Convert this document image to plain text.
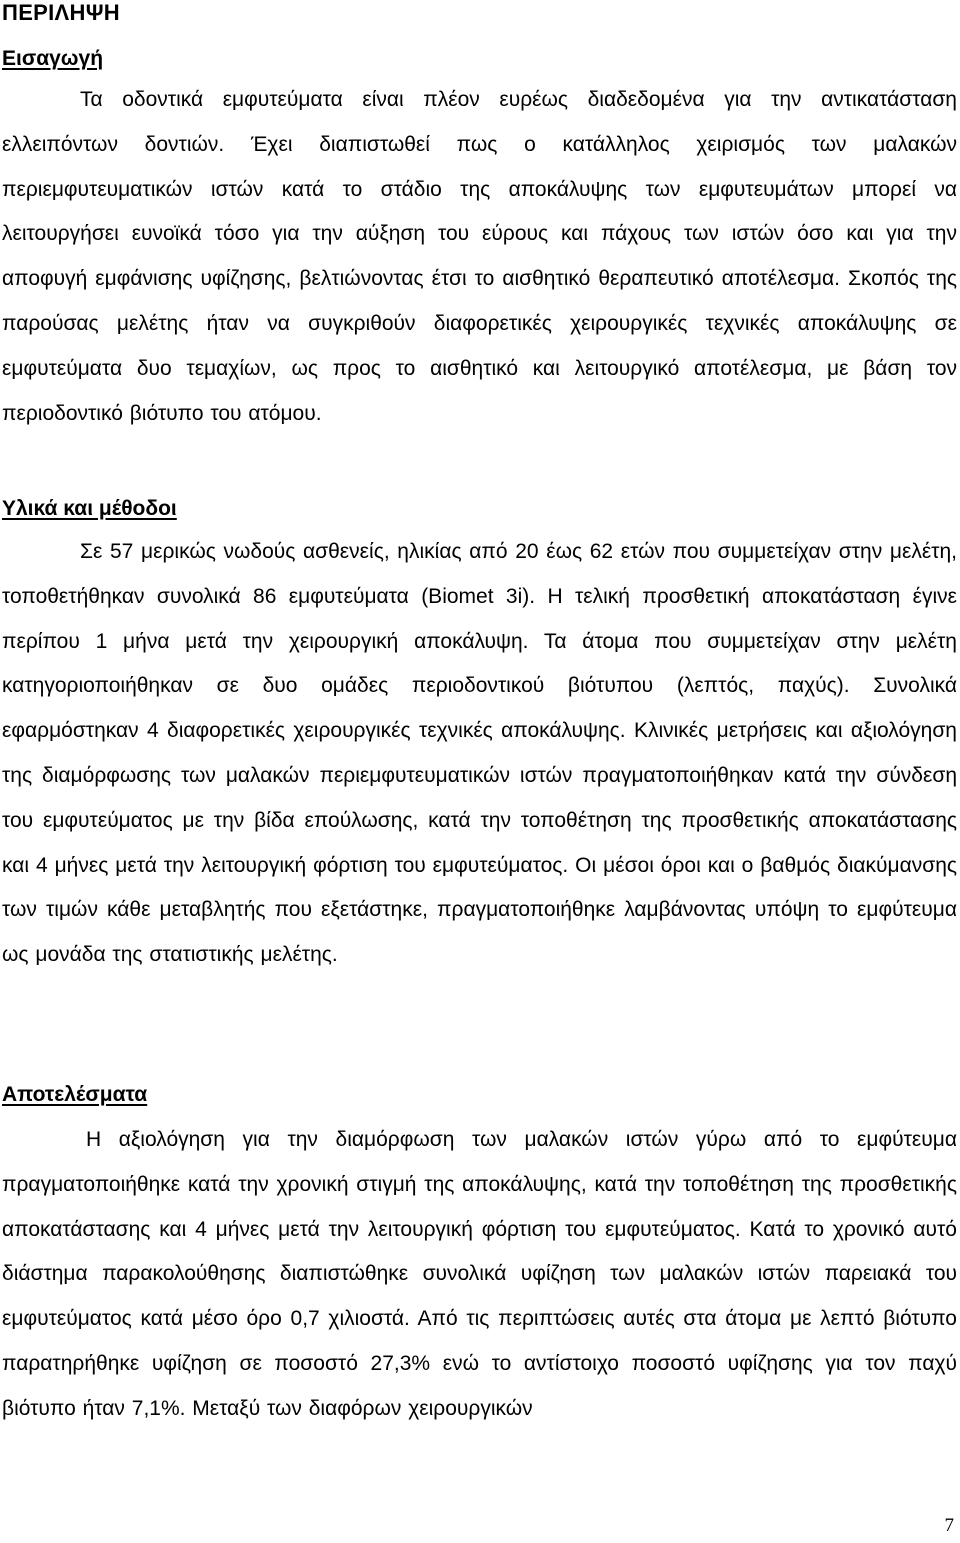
ΠΕΡΙΛΗΨΗ
Εισαγωγή

Τα οδοντικά εμφυτεύματα είναι πλέον ευρέως διαδεδομένα για την αντικατάσταση ελλειπόντων δοντιών. Έχει διαπιστωθεί πως ο κατάλληλος χειρισμός των μαλακών περιεμφυτευματικών ιστών κατά το στάδιο της αποκάλυψης των εμφυτευμάτων μπορεί να λειτουργήσει ευνοϊκά τόσο για την αύξηση του εύρους και πάχους των ιστών όσο και για την αποφυγή εμφάνισης υφίζησης, βελτιώνοντας έτσι το αισθητικό θεραπευτικό αποτέλεσμα. Σκοπός της παρούσας μελέτης ήταν να συγκριθούν διαφορετικές χειρουργικές τεχνικές αποκάλυψης σε εμφυτεύματα δυο τεμαχίων, ως προς το αισθητικό και λειτουργικό αποτέλεσμα, με βάση τον περιοδοντικό βιότυπο του ατόμου.

Υλικά και μέθοδοι

Σε 57 μερικώς νωδούς ασθενείς, ηλικίας από 20 έως 62 ετών που συμμετείχαν στην μελέτη, τοποθετήθηκαν συνολικά 86 εμφυτεύματα (Biomet 3i). Η τελική προσθετική αποκατάσταση έγινε περίπου 1 μήνα μετά την χειρουργική αποκάλυψη. Τα άτομα που συμμετείχαν στην μελέτη κατηγοριοποιήθηκαν σε δυο ομάδες περιοδοντικού βιότυπου (λεπτός, παχύς). Συνολικά εφαρμόστηκαν 4 διαφορετικές χειρουργικές τεχνικές αποκάλυψης. Κλινικές μετρήσεις και αξιολόγηση της διαμόρφωσης των μαλακών περιεμφυτευματικών ιστών πραγματοποιήθηκαν κατά την σύνδεση του εμφυτεύματος με την βίδα επούλωσης, κατά την τοποθέτηση της προσθετικής αποκατάστασης και 4 μήνες μετά την λειτουργική φόρτιση του εμφυτεύματος. Οι μέσοι όροι και ο βαθμός διακύμανσης των τιμών κάθε μεταβλητής που εξετάστηκε, πραγματοποιήθηκε λαμβάνοντας υπόψη το εμφύτευμα ως μονάδα της στατιστικής μελέτης.

Αποτελέσματα

Η αξιολόγηση για την διαμόρφωση των μαλακών ιστών γύρω από το εμφύτευμα πραγματοποιήθηκε κατά την χρονική στιγμή της αποκάλυψης, κατά την τοποθέτηση της προσθετικής αποκατάστασης και 4 μήνες μετά την λειτουργική φόρτιση του εμφυτεύματος. Κατά το χρονικό αυτό διάστημα παρακολούθησης διαπιστώθηκε συνολικά υφίζηση των μαλακών ιστών παρειακά του εμφυτεύματος κατά μέσο όρο 0,7 χιλιοστά. Από τις περιπτώσεις αυτές στα άτομα με λεπτό βιότυπο παρατηρήθηκε υφίζηση σε ποσοστό 27,3% ενώ το αντίστοιχο ποσοστό υφίζησης για τον παχύ βιότυπο ήταν 7,1%. Μεταξύ των διαφόρων χειρουργικών

7
